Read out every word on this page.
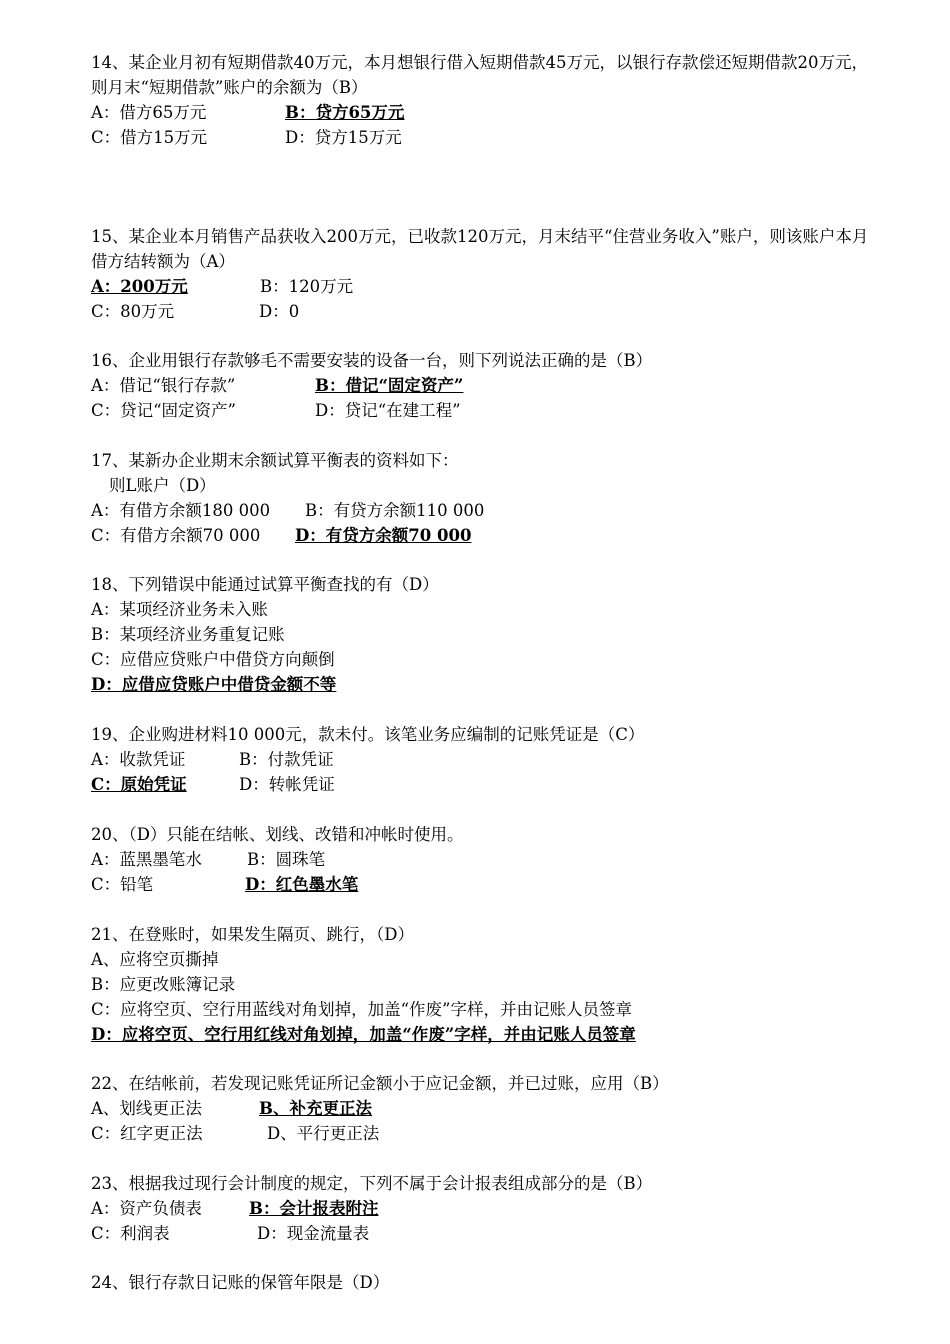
14、某企业月初有短期借款40万元，本月想银行借入短期借款45万元，以银行存款偿还短期借款20万元，则月末“短期借款”账户的余额为（B）
A：借方65万元	B：贷方65万元
C：借方15万元	D：贷方15万元
15、某企业本月销售产品获收入200万元，已收款120万元，月末结平“住营业务收入”账户，则该账户本月借方结转额为（A）
A：200万元	B：120万元
C：80万元	D：0
16、企业用银行存款够毛不需要安装的设备一台，则下列说法正确的是（B）
A：借记“银行存款”	B：借记“固定资产”
C：贷记“固定资产”	D：贷记“在建工程”
17、某新办企业期末余额试算平衡表的资料如下：
则L账户（D）
A：有借方余额180 000 B：有贷方余额110 000
C：有借方余额70 000 D：有贷方余额70 000
18、下列错误中能通过试算平衡查找的有（D）
A：某项经济业务未入账
B：某项经济业务重复记账
C：应借应贷账户中借贷方向颠倒
D：应借应贷账户中借贷金额不等
19、企业购进材料10 000元，款未付。该笔业务应编制的记账凭证是（C）
A：收款凭证	B：付款凭证
C：原始凭证	D：转帐凭证
20、（D）只能在结帐、划线、改错和冲帐时使用。
A：蓝黑墨笔水	B：圆珠笔
C：铅笔	D：红色墨水笔
21、在登账时，如果发生隔页、跳行，（D）
A、应将空页撕掉
B：应更改账簿记录
C：应将空页、空行用蓝线对角划掉，加盖“作废”字样，并由记账人员签章
D：应将空页、空行用红线对角划掉，加盖“作废”字样，并由记账人员签章
22、在结帐前，若发现记账凭证所记金额小于应记金额，并已过账，应用（B）
A、划线更正法	B、补充更正法
C：红字更正法	D、平行更正法
23、根据我过现行会计制度的规定，下列不属于会计报表组成部分的是（B）
A：资产负债表	B：会计报表附注
C：利润表	D：现金流量表
24、银行存款日记账的保管年限是（D）
